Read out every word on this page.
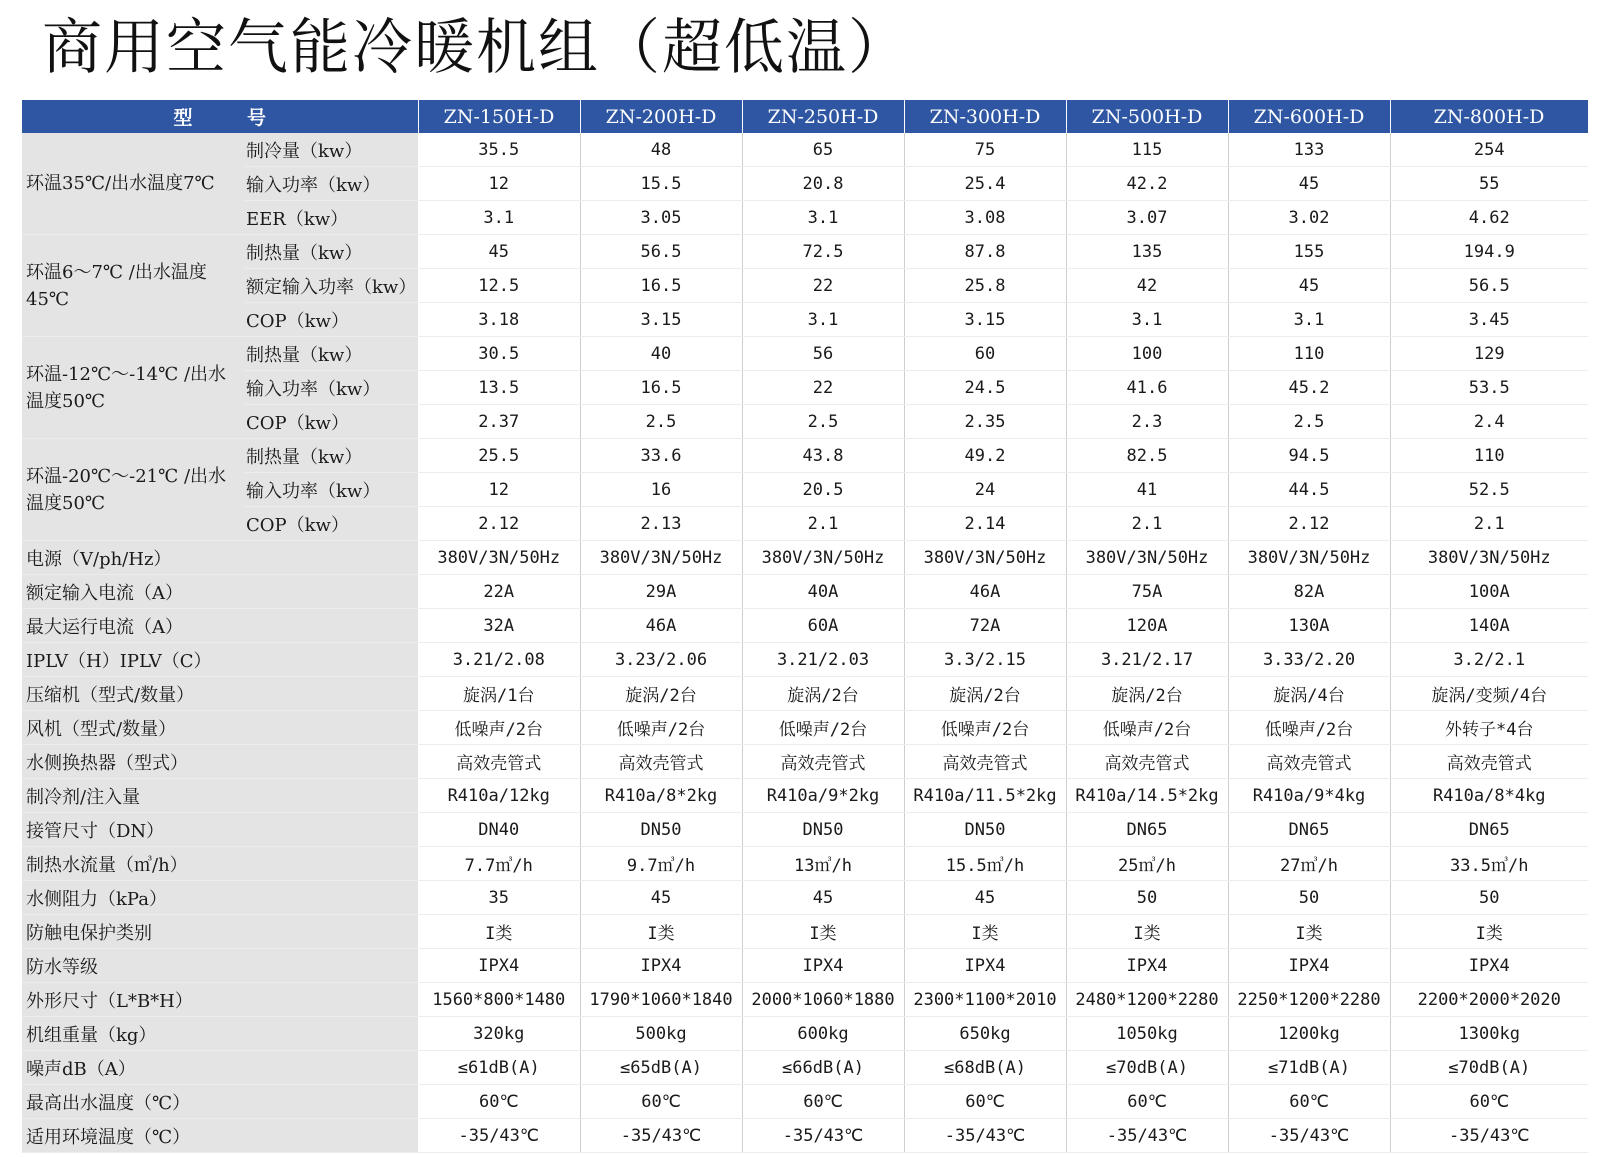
商用空气能冷暖机组（超低温）
型 号		ZN-150H-D	ZN-200H-D	ZN-250H-D	ZN-300H-D	ZN-500H-D	ZN-600H-D	ZN-800H-D
环温35℃/出水温度7℃	制冷量（kw）	35.5	48	65	75	115	133	254
	输入功率（kw）	12	15.5	20.8	25.4	42.2	45	55
	EER（kw）	3.1	3.05	3.1	3.08	3.07	3.02	4.62
环温6～7℃ /出水温度45℃	制热量（kw）	45	56.5	72.5	87.8	135	155	194.9
	额定输入功率（kw）	12.5	16.5	22	25.8	42	45	56.5
	COP（kw）	3.18	3.15	3.1	3.15	3.1	3.1	3.45
环温-12℃～-14℃ /出水温度50℃	制热量（kw）	30.5	40	56	60	100	110	129
	输入功率（kw）	13.5	16.5	22	24.5	41.6	45.2	53.5
	COP（kw）	2.37	2.5	2.5	2.35	2.3	2.5	2.4
环温-20℃～-21℃ /出水温度50℃	制热量（kw）	25.5	33.6	43.8	49.2	82.5	94.5	110
	输入功率（kw）	12	16	20.5	24	41	44.5	52.5
	COP（kw）	2.12	2.13	2.1	2.14	2.1	2.12	2.1
电源（V/ph/Hz）		380V/3N/50Hz	380V/3N/50Hz	380V/3N/50Hz	380V/3N/50Hz	380V/3N/50Hz	380V/3N/50Hz	380V/3N/50Hz
额定输入电流（A）		22A	29A	40A	46A	75A	82A	100A
最大运行电流（A）		32A	46A	60A	72A	120A	130A	140A
IPLV（H）IPLV（C）		3.21/2.08	3.23/2.06	3.21/2.03	3.3/2.15	3.21/2.17	3.33/2.20	3.2/2.1
压缩机（型式/数量）		旋涡/1台	旋涡/2台	旋涡/2台	旋涡/2台	旋涡/2台	旋涡/4台	旋涡/变频/4台
风机（型式/数量）		低噪声/2台	低噪声/2台	低噪声/2台	低噪声/2台	低噪声/2台	低噪声/2台	外转子*4台
水侧换热器（型式）		高效壳管式	高效壳管式	高效壳管式	高效壳管式	高效壳管式	高效壳管式	高效壳管式
制冷剂/注入量		R410a/12kg	R410a/8*2kg	R410a/9*2kg	R410a/11.5*2kg	R410a/14.5*2kg	R410a/9*4kg	R410a/8*4kg
接管尺寸（DN）		DN40	DN50	DN50	DN50	DN65	DN65	DN65
制热水流量（㎥/h）		7.7㎥/h	9.7㎥/h	13㎥/h	15.5㎥/h	25㎥/h	27㎥/h	33.5㎥/h
水侧阻力（kPa）		35	45	45	45	50	50	50
防触电保护类别		I类	I类	I类	I类	I类	I类	I类
防水等级		IPX4	IPX4	IPX4	IPX4	IPX4	IPX4	IPX4
外形尺寸（L*B*H）		1560*800*1480	1790*1060*1840	2000*1060*1880	2300*1100*2010	2480*1200*2280	2250*1200*2280	2200*2000*2020
机组重量（kg）		320kg	500kg	600kg	650kg	1050kg	1200kg	1300kg
噪声dB（A）		≤61dB(A)	≤65dB(A)	≤66dB(A)	≤68dB(A)	≤70dB(A)	≤71dB(A)	≤70dB(A)
最高出水温度（℃）		60℃	60℃	60℃	60℃	60℃	60℃	60℃
适用环境温度（℃）		-35/43℃	-35/43℃	-35/43℃	-35/43℃	-35/43℃	-35/43℃	-35/43℃
